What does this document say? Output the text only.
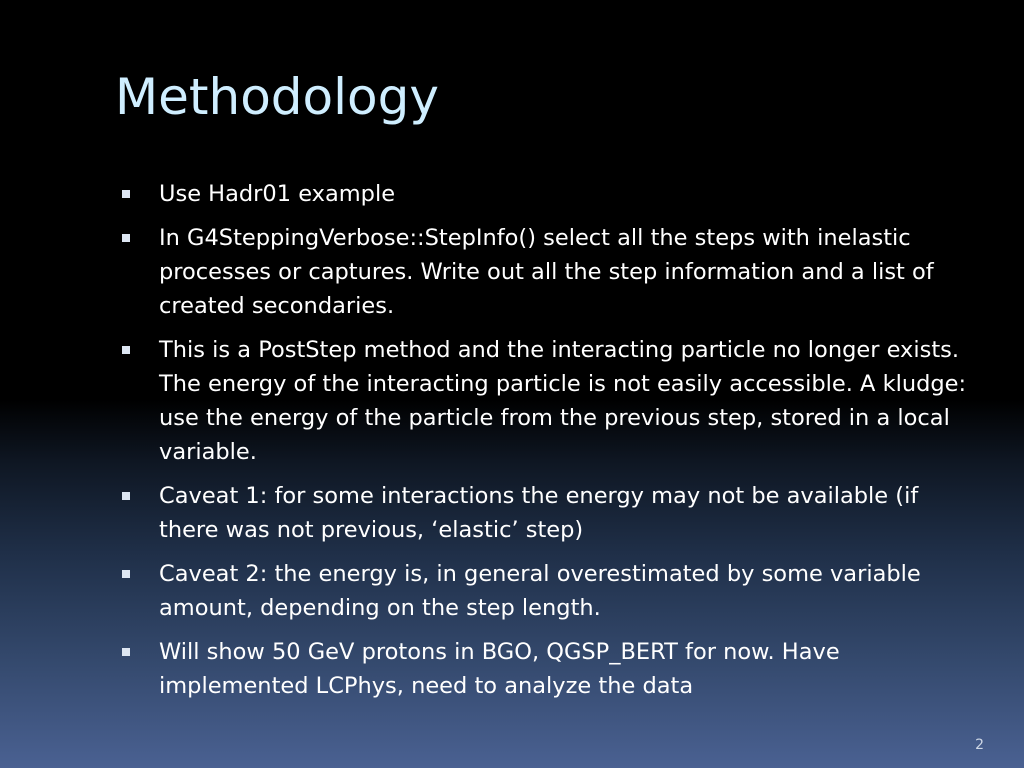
Methodology
Use Hadr01 example
In G4SteppingVerbose::StepInfo() select all the steps with inelastic processes or captures. Write out all the step information and a list of created secondaries.
This is a PostStep method and the interacting particle no longer exists. The energy of the interacting particle is not easily accessible. A kludge: use the energy of the particle from the previous step, stored in a local variable.
Caveat 1: for some interactions the energy may not be available (if there was not previous, ‘elastic’ step)
Caveat 2: the energy is, in general overestimated by some variable amount, depending on the step length.
Will show 50 GeV protons in BGO, QGSP_BERT for now. Have implemented LCPhys, need to analyze the data
2
